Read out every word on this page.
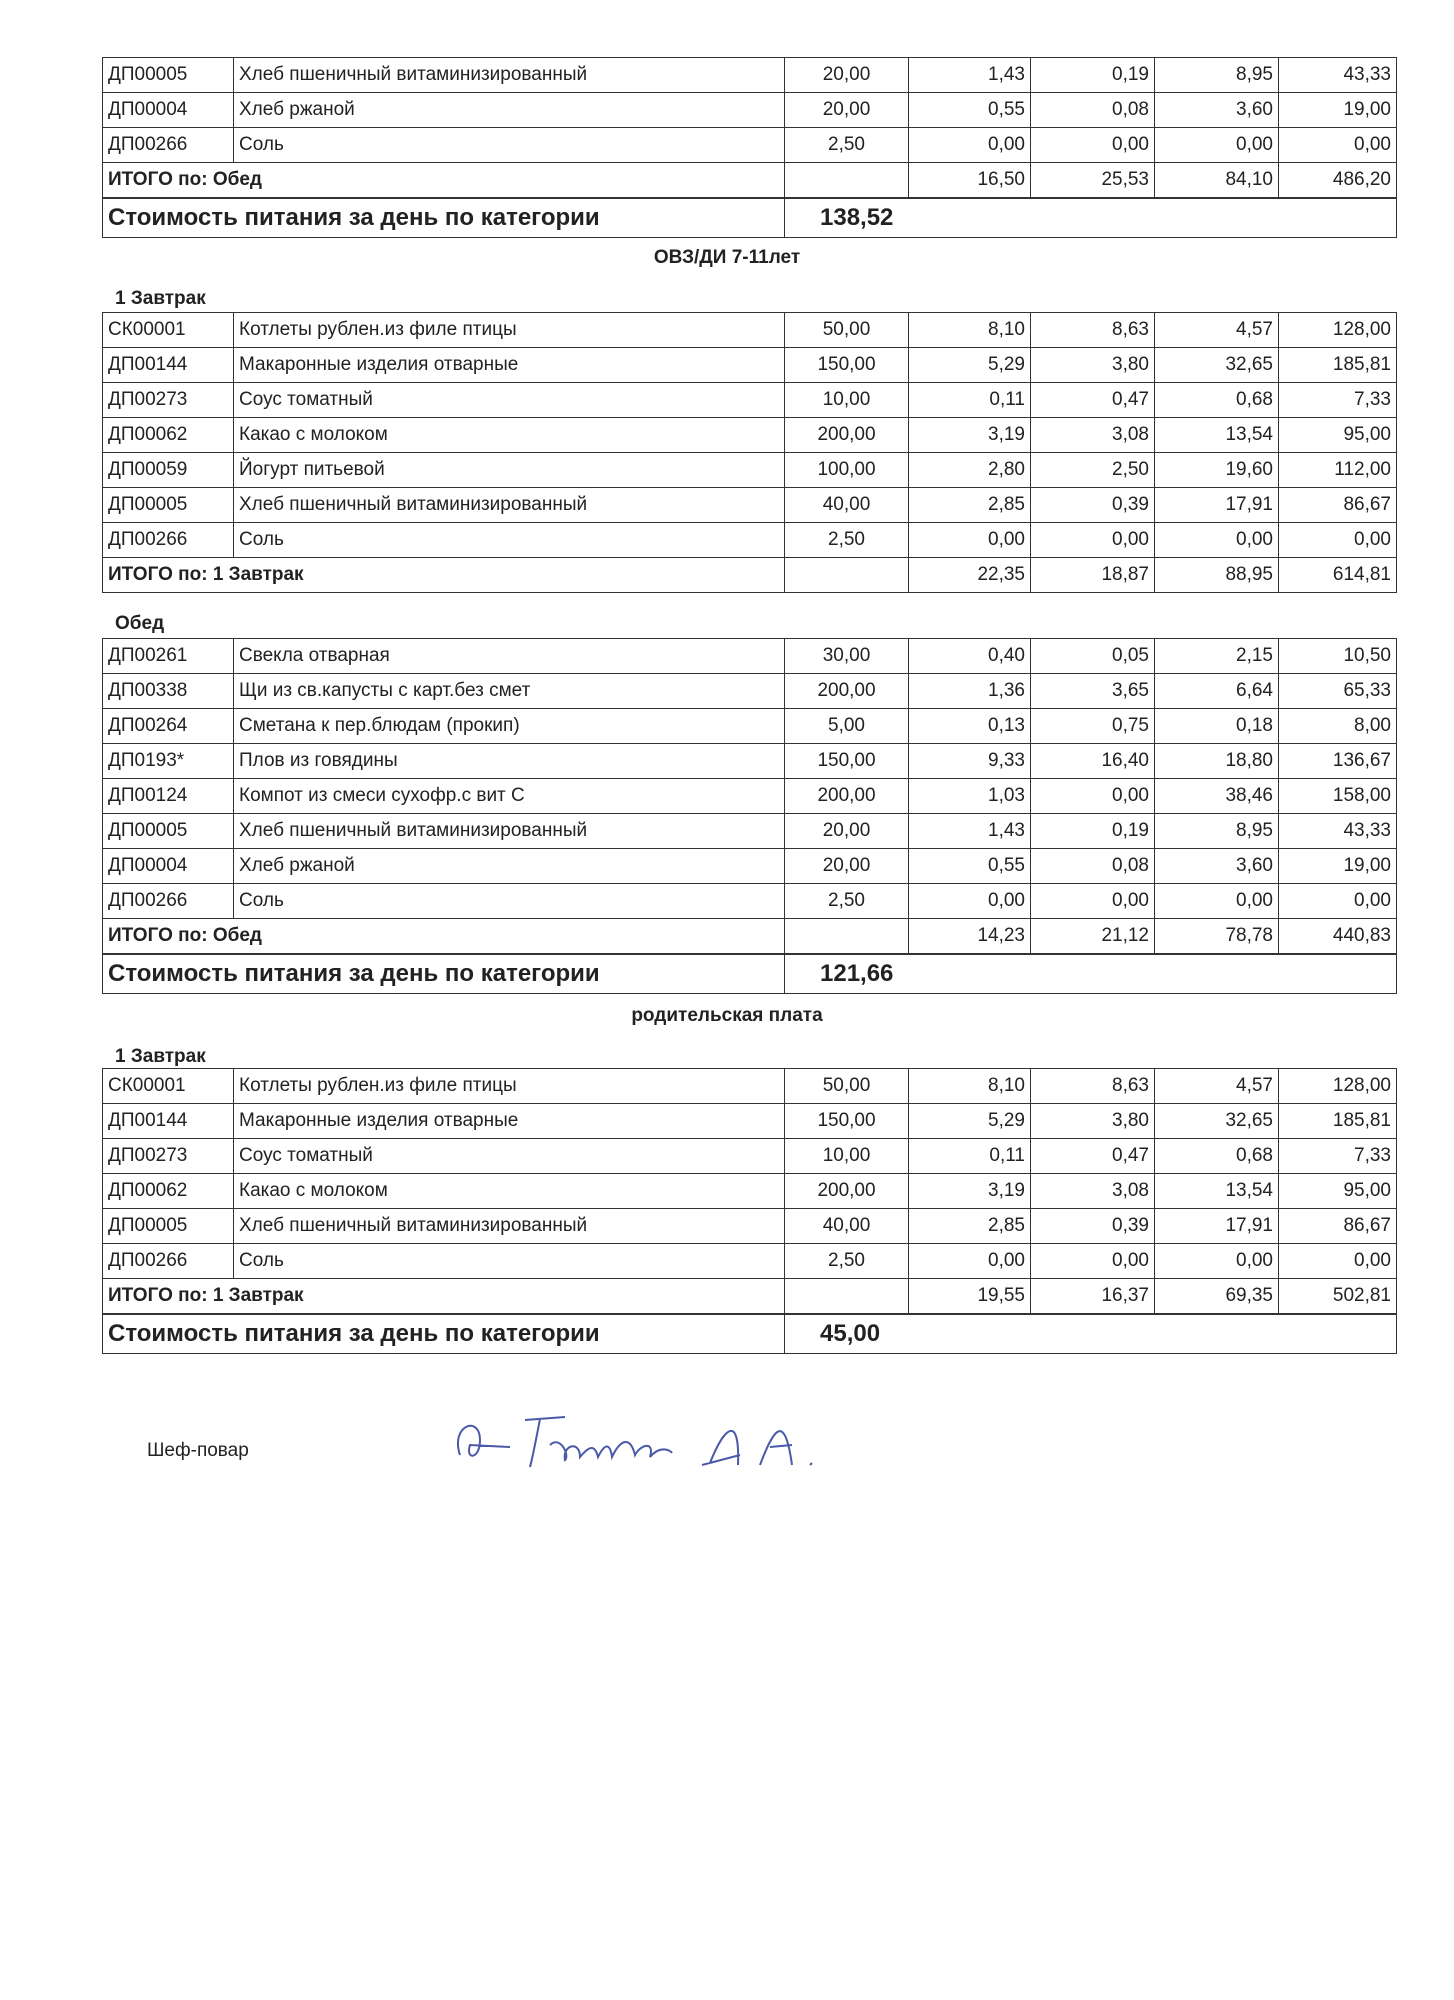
ДП00005	Хлеб пшеничный витаминизированный	20,00	1,43	0,19	8,95	43,33
ДП00004	Хлеб ржаной	20,00	0,55	0,08	3,60	19,00
ДП00266	Соль	2,50	0,00	0,00	0,00	0,00
ИТОГО по: Обед			16,50	25,53	84,10	486,20
Стоимость питания за день по категории		138,52				
ОВЗ/ДИ 7-11лет
1 Завтрак
СК00001	Котлеты рублен.из филе птицы	50,00	8,10	8,63	4,57	128,00
ДП00144	Макаронные изделия отварные	150,00	5,29	3,80	32,65	185,81
ДП00273	Соус томатный	10,00	0,11	0,47	0,68	7,33
ДП00062	Какао с молоком	200,00	3,19	3,08	13,54	95,00
ДП00059	Йогурт питьевой	100,00	2,80	2,50	19,60	112,00
ДП00005	Хлеб пшеничный витаминизированный	40,00	2,85	0,39	17,91	86,67
ДП00266	Соль	2,50	0,00	0,00	0,00	0,00
ИТОГО по: 1 Завтрак			22,35	18,87	88,95	614,81
Обед
ДП00261	Свекла отварная	30,00	0,40	0,05	2,15	10,50
ДП00338	Щи из св.капусты с карт.без смет	200,00	1,36	3,65	6,64	65,33
ДП00264	Сметана к пер.блюдам (прокип)	5,00	0,13	0,75	0,18	8,00
ДП0193*	Плов из говядины	150,00	9,33	16,40	18,80	136,67
ДП00124	Компот из смеси сухофр.с вит С	200,00	1,03	0,00	38,46	158,00
ДП00005	Хлеб пшеничный витаминизированный	20,00	1,43	0,19	8,95	43,33
ДП00004	Хлеб ржаной	20,00	0,55	0,08	3,60	19,00
ДП00266	Соль	2,50	0,00	0,00	0,00	0,00
ИТОГО по: Обед			14,23	21,12	78,78	440,83
Стоимость питания за день по категории		121,66				
родительская плата
1 Завтрак
СК00001	Котлеты рублен.из филе птицы	50,00	8,10	8,63	4,57	128,00
ДП00144	Макаронные изделия отварные	150,00	5,29	3,80	32,65	185,81
ДП00273	Соус томатный	10,00	0,11	0,47	0,68	7,33
ДП00062	Какао с молоком	200,00	3,19	3,08	13,54	95,00
ДП00005	Хлеб пшеничный витаминизированный	40,00	2,85	0,39	17,91	86,67
ДП00266	Соль	2,50	0,00	0,00	0,00	0,00
ИТОГО по: 1 Завтрак			19,55	16,37	69,35	502,81
Стоимость питания за день по категории		45,00				
Шеф-повар
